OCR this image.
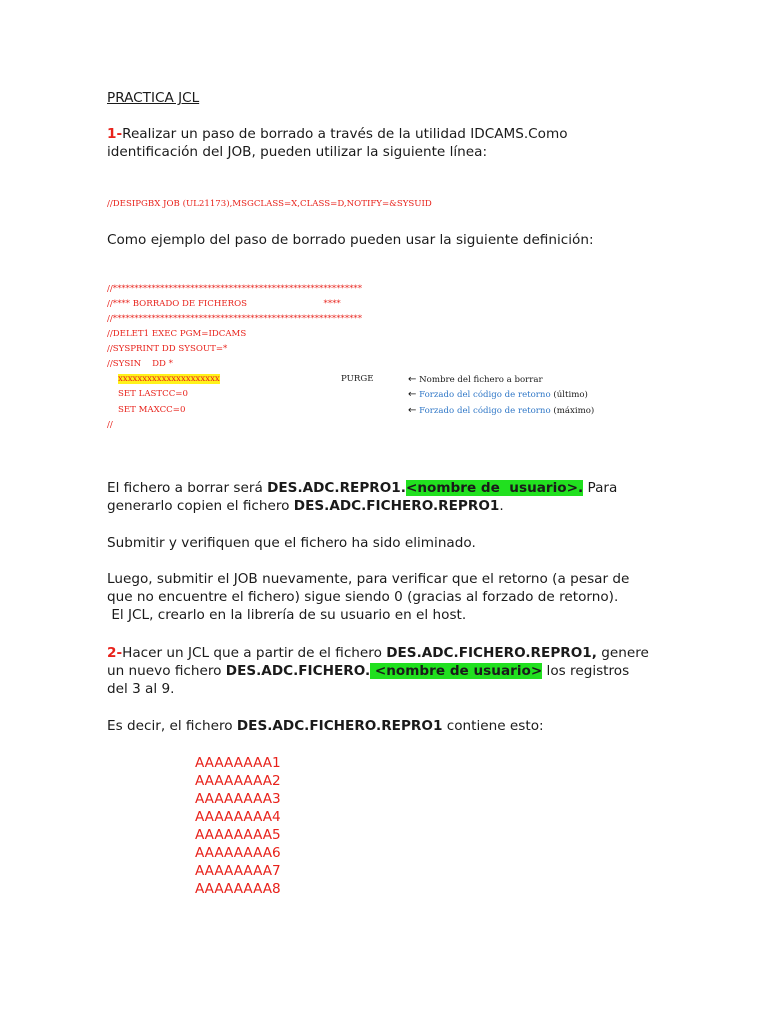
PRACTICA JCL
1-Realizar un paso de borrado a través de la utilidad IDCAMS.Como
identificación del JOB, pueden utilizar la siguiente línea:
//DESIPGBX JOB (UL21173),MSGCLASS=X,CLASS=D,NOTIFY=&SYSUID
Como ejemplo del paso de borrado pueden usar la siguiente definición:
//**********************************************************
//**** BORRADO DE FICHEROS                            ****
//**********************************************************
//DELET1 EXEC PGM=IDCAMS
//SYSPRINT DD SYSOUT=*
//SYSIN    DD *
xxxxxxxxxxxxxxxxxxxxx	PURGE	← Nombre del fichero a borrar
SET LASTCC=0	← Forzado del código de retorno (último)
SET MAXCC=0	← Forzado del código de retorno (máximo)
//
El fichero a borrar será DES.ADC.REPRO1.<nombre de  usuario>. Para
generarlo copien el fichero DES.ADC.FICHERO.REPRO1.
Submitir y verifiquen que el fichero ha sido eliminado.
Luego, submitir el JOB nuevamente, para verificar que el retorno (a pesar de
que no encuentre el fichero) sigue siendo 0 (gracias al forzado de retorno).
El JCL, crearlo en la librería de su usuario en el host.
2-Hacer un JCL que a partir de el fichero DES.ADC.FICHERO.REPRO1, genere
un nuevo fichero DES.ADC.FICHERO. <nombre de usuario> los registros
del 3 al 9.
Es decir, el fichero DES.ADC.FICHERO.REPRO1 contiene esto:
AAAAAAAA1
AAAAAAAA2
AAAAAAAA3
AAAAAAAA4
AAAAAAAA5
AAAAAAAA6
AAAAAAAA7
AAAAAAAA8
